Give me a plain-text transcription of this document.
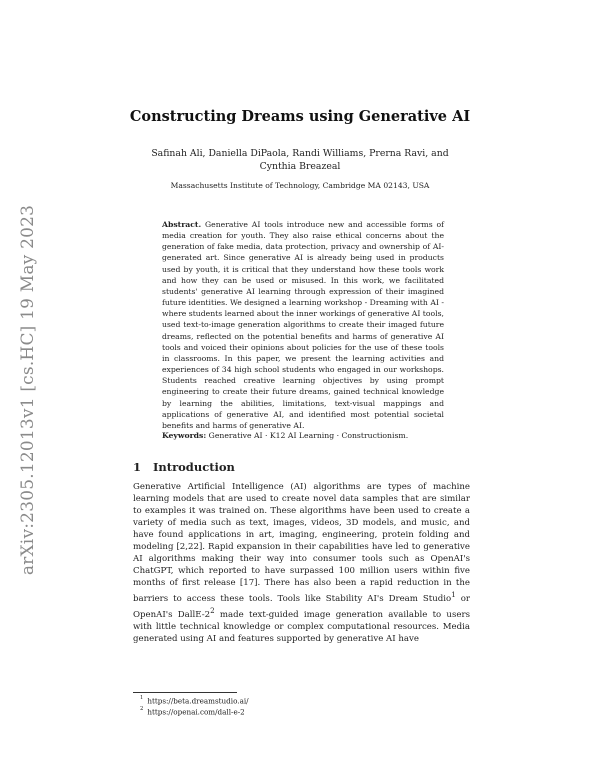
arXiv:2305.12013v1 [cs.HC] 19 May 2023
Constructing Dreams using Generative AI
Safinah Ali, Daniella DiPaola, Randi Williams, Prerna Ravi, and Cynthia Breazeal
Massachusetts Institute of Technology, Cambridge MA 02143, USA
Abstract. Generative AI tools introduce new and accessible forms of media creation for youth. They also raise ethical concerns about the generation of fake media, data protection, privacy and ownership of AI-generated art. Since generative AI is already being used in products used by youth, it is critical that they understand how these tools work and how they can be used or misused. In this work, we facilitated students' generative AI learning through expression of their imagined future identities. We designed a learning workshop - Dreaming with AI - where students learned about the inner workings of generative AI tools, used text-to-image generation algorithms to create their imaged future dreams, reflected on the potential benefits and harms of generative AI tools and voiced their opinions about policies for the use of these tools in classrooms. In this paper, we present the learning activities and experiences of 34 high school students who engaged in our workshops. Students reached creative learning objectives by using prompt engineering to create their future dreams, gained technical knowledge by learning the abilities, limitations, text-visual mappings and applications of generative AI, and identified most potential societal benefits and harms of generative AI.
Keywords: Generative AI · K12 AI Learning · Constructionism.
1 Introduction
Generative Artificial Intelligence (AI) algorithms are types of machine learning models that are used to create novel data samples that are similar to examples it was trained on. These algorithms have been used to create a variety of media such as text, images, videos, 3D models, and music, and have found applications in art, imaging, engineering, protein folding and modeling [2,22]. Rapid expansion in their capabilities have led to generative AI algorithms making their way into consumer tools such as OpenAI's ChatGPT, which reported to have surpassed 100 million users within five months of first release [17]. There has also been a rapid reduction in the barriers to access these tools. Tools like Stability AI's Dream Studio$^1$ or OpenAI's DallE-$2^2$ made text-guided image generation available to users with little technical knowledge or complex computational resources. Media generated using AI and features supported by generative AI have
$^1$ https://beta.dreamstudio.ai/
$^2$ https://openai.com/dall-e-2
